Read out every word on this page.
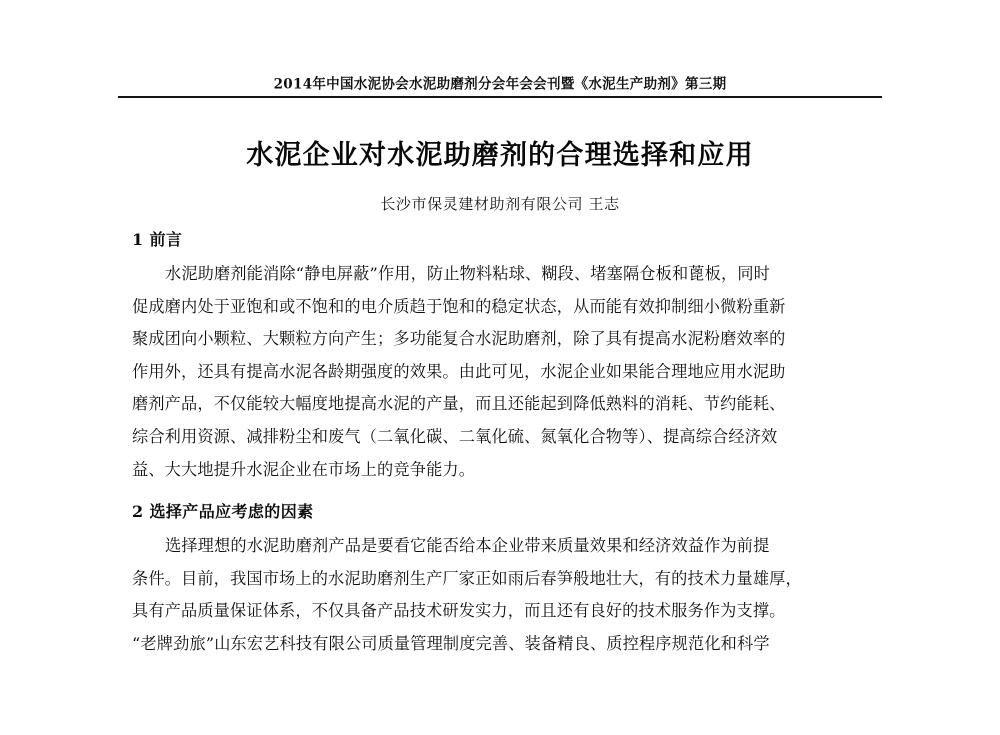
2014年中国水泥协会水泥助磨剂分会年会会刊暨《水泥生产助剂》第三期
水泥企业对水泥助磨剂的合理选择和应用
长沙市保灵建材助剂有限公司 王志
1 前言

水泥助磨剂能消除“静电屏蔽”作用，防止物料粘球、糊段、堵塞隔仓板和蓖板，同时
促成磨内处于亚饱和或不饱和的电介质趋于饱和的稳定状态，从而能有效抑制细小微粉重新
聚成团向小颗粒、大颗粒方向产生；多功能复合水泥助磨剂，除了具有提高水泥粉磨效率的
作用外，还具有提高水泥各龄期强度的效果。由此可见，水泥企业如果能合理地应用水泥助
磨剂产品，不仅能较大幅度地提高水泥的产量，而且还能起到降低熟料的消耗、节约能耗、
综合利用资源、减排粉尘和废气（二氧化碳、二氧化硫、氮氧化合物等）、提高综合经济效
益、大大地提升水泥企业在市场上的竞争能力。

2 选择产品应考虑的因素

选择理想的水泥助磨剂产品是要看它能否给本企业带来质量效果和经济效益作为前提
条件。目前，我国市场上的水泥助磨剂生产厂家正如雨后春笋般地壮大，有的技术力量雄厚，
具有产品质量保证体系，不仅具备产品技术研发实力，而且还有良好的技术服务作为支撑。
“老牌劲旅”山东宏艺科技有限公司质量管理制度完善、装备精良、质控程序规范化和科学
